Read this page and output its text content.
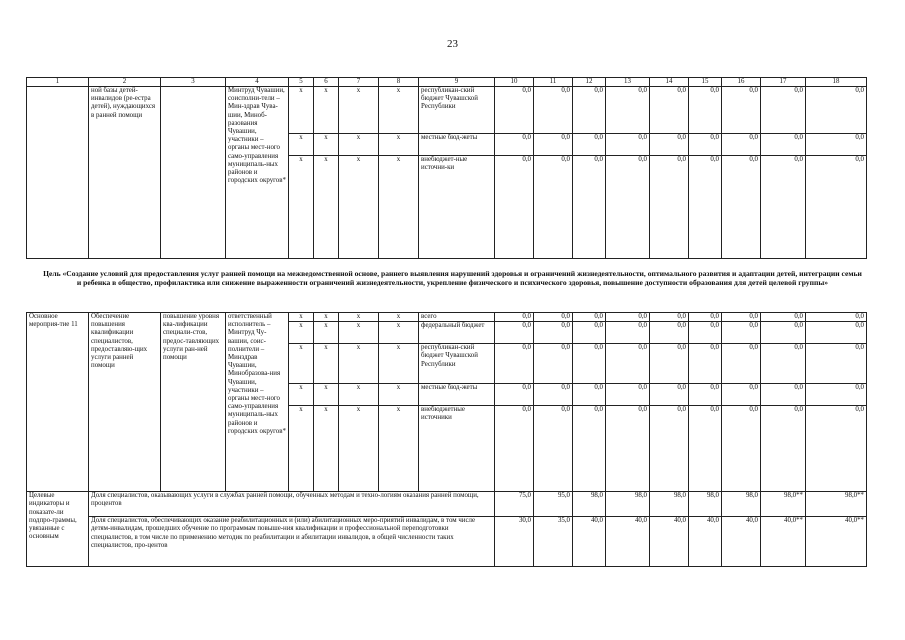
23
1	2	3	4	5	6	7	8	9	10	11	12	13	14	15	16	17	18
	ной базы детей-инвалидов (ре-естра детей), нуждающихся в ранней помощи		Минтруд Чувашии, соисполни-тели – Мин-здрав Чува-шии, Миноб-разования Чувашии, участники – органы мест-ного само-управления муниципаль-ных районов и городских округов*	x	x	x	x	республикан-ский бюджет Чувашской Республики	0,0	0,0	0,0	0,0	0,0	0,0	0,0	0,0	0,0
				x	x	x	x	местные бюд-жеты	0,0	0,0	0,0	0,0	0,0	0,0	0,0	0,0	0,0
				x	x	x	x	внебюджет-ные источни-ки	0,0	0,0	0,0	0,0	0,0	0,0	0,0	0,0	0,0
Цель «Создание условий для предоставления услуг ранней помощи на межведомственной основе, раннего выявления нарушений здоровья и ограничений жизнедеятельности, оптимального развития и адаптации детей, интеграции семьи и ребенка в общество, профилактика или снижение выраженности ограничений жизнедеятельности, укрепление физического и психического здоровья, повышение доступности образования для детей целевой группы»
Основное мероприя-тие 11	Обеспечение повышения квалификации специалистов, предоставляю-щих услуги ранней помощи	повышение уровня ква-лификации специали-стов, предос-тавляющих услуги ран-ней помощи	ответственный исполнитель – Минтруд Чу-вашии, соис-полнители – Минздрав Чувашии, Минобразова-ния Чувашии, участники – органы мест-ного само-управления муниципаль-ных районов и городских округов*	x	x	x	x	всего	0,0	0,0	0,0	0,0	0,0	0,0	0,0	0,0	0,0
				x	x	x	x	федеральный бюджет	0,0	0,0	0,0	0,0	0,0	0,0	0,0	0,0	0,0
				x	x	x	x	республикан-ский бюджет Чувашской Республики	0,0	0,0	0,0	0,0	0,0	0,0	0,0	0,0	0,0
				x	x	x	x	местные бюд-жеты	0,0	0,0	0,0	0,0	0,0	0,0	0,0	0,0	0,0
				x	x	x	x	внебюджетные источники	0,0	0,0	0,0	0,0	0,0	0,0	0,0	0,0	0,0
Целевые индикаторы и показате-ли подпро-граммы, увязанные с основным	Доля специалистов, оказывающих услуги в службах ранней помощи, обученных методам и техно-логиям оказания ранней помощи, процентов								75,0	95,0	98,0	98,0	98,0	98,0	98,0	98,0**	98,0**
	Доля специалистов, обеспечивающих оказание реабилитационных и (или) абилитационных меро-приятий инвалидам, в том числе детям-инвалидам, прошедших обучение по программам повыше-ния квалификации и профессиональной переподготовки специалистов, в том числе по применению методик по реабилитации и абилитации инвалидов, в общей численности таких специалистов, про-центов								30,0	35,0	40,0	40,0	40,0	40,0	40,0	40,0**	40,0**
